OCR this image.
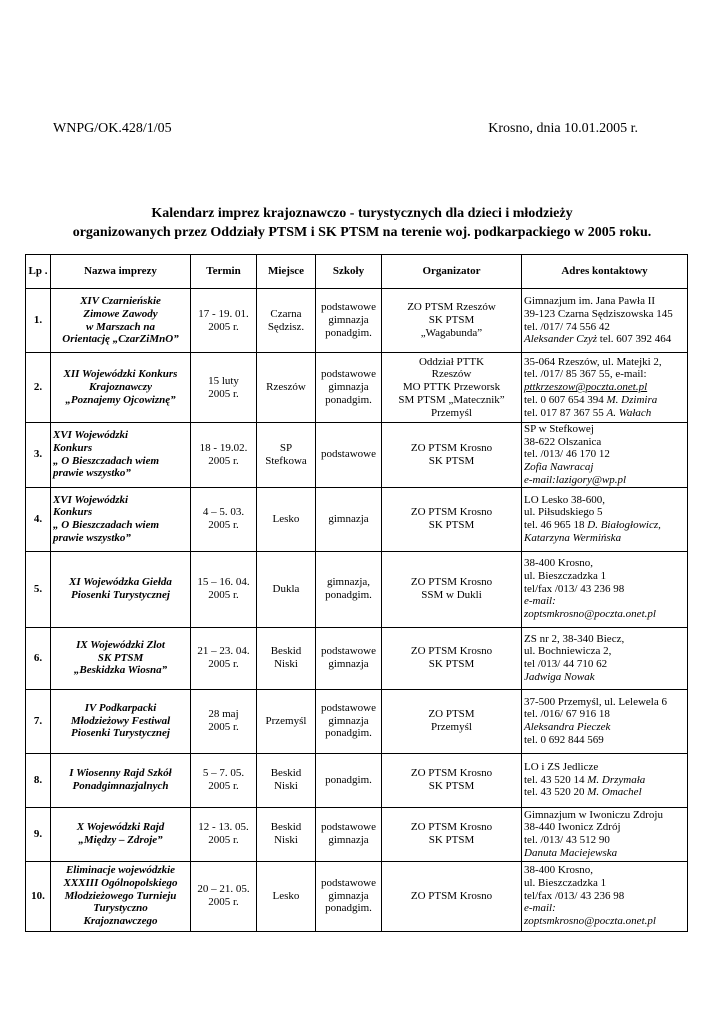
WNPG/OK.428/1/05	Krosno, dnia 10.01.2005 r.
Kalendarz imprez krajoznawczo - turystycznych dla dzieci i młodzieży
organizowanych przez Oddziały PTSM i SK PTSM na terenie woj. podkarpackiego w 2005 roku.
Lp .	Nazwa imprezy	Termin	Miejsce	Szkoły	Organizator	Adres kontaktowy
1.	XIV Czarnieńskie
Zimowe Zawody
w Marszach na
Orientację „CzarZiMnO”	17 - 19. 01.
2005 r.	Czarna
Sędzisz.	podstawowe
gimnazja
ponadgim.	ZO PTSM Rzeszów
SK PTSM
„Wagabunda”	Gimnazjum im. Jana Pawła II
39-123 Czarna Sędziszowska 145
tel. /017/ 74 556 42
Aleksander Czyż tel. 607 392 464

2.	XII Wojewódzki Konkurs
Krajoznawczy
„Poznajemy Ojcowiznę”	15 luty
2005 r.	Rzeszów	podstawowe
gimnazja
ponadgim.	Oddział PTTK
Rzeszów
MO PTTK Przeworsk
SM PTSM „Matecznik”
Przemyśl	35-064 Rzeszów, ul. Matejki 2,
tel. /017/ 85 367 55, e-mail:
pttkrzeszow@poczta.onet.pl
tel. 0 607 654 394 M. Dzimira
tel. 017 87 367 55 A. Wałach

3.	XVI Wojewódzki
Konkurs
„ O Bieszczadach wiem
prawie wszystko”	18 - 19.02.
2005 r.	SP
Stefkowa	podstawowe	ZO PTSM Krosno
SK PTSM	SP w Stefkowej
38-622 Olszanica
tel. /013/ 46 170 12
Zofia Nawracaj
e-mail:lazigory@wp.pl

4.	XVI Wojewódzki
Konkurs
„ O Bieszczadach wiem
prawie wszystko”	4 – 5. 03.
2005 r.	Lesko	gimnazja	ZO PTSM Krosno
SK PTSM	LO Lesko 38-600,
ul. Piłsudskiego 5
tel. 46 965 18 D. Białogłowicz,
Katarzyna Wermińska

5.	XI Wojewódzka Giełda
Piosenki Turystycznej	15 – 16. 04.
2005 r.	Dukla	gimnazja,
ponadgim.	ZO PTSM Krosno
SSM w Dukli	38-400 Krosno,
ul. Bieszczadzka 1
tel/fax /013/ 43 236 98
e-mail:
zoptsmkrosno@poczta.onet.pl

6.	IX Wojewódzki Zlot
SK PTSM
„Beskidzka Wiosna”	21 – 23. 04.
2005 r.	Beskid
Niski	podstawowe
gimnazja	ZO PTSM Krosno
SK PTSM	ZS nr 2, 38-340 Biecz,
ul. Bochniewicza 2,
tel /013/ 44 710 62
Jadwiga Nowak

7.	IV Podkarpacki
Młodzieżowy Festiwal
Piosenki Turystycznej	28 maj
2005 r.	Przemyśl	podstawowe
gimnazja
ponadgim.	ZO PTSM
Przemyśl	37-500 Przemyśl, ul. Lelewela 6
tel. /016/ 67 916 18
Aleksandra Pieczek
tel. 0 692 844 569

8.	I Wiosenny Rajd Szkół
Ponadgimnazjalnych	5 – 7. 05.
2005 r.	Beskid
Niski	ponadgim.	ZO PTSM Krosno
SK PTSM	LO i ZS Jedlicze
tel. 43 520 14 M. Drzymała
tel. 43 520 20 M. Omachel

9.	X Wojewódzki Rajd
„Między – Zdroje”	12 - 13. 05.
2005 r.	Beskid
Niski	podstawowe
gimnazja	ZO PTSM Krosno
SK PTSM	Gimnazjum w Iwoniczu Zdroju
38-440 Iwonicz Zdrój
tel. /013/ 43 512 90
Danuta Maciejewska

10.	Eliminacje wojewódzkie
XXXIII Ogólnopolskiego
Młodzieżowego Turnieju
Turystyczno
Krajoznawczego	20 – 21. 05.
2005 r.	Lesko	podstawowe
gimnazja
ponadgim.	ZO PTSM Krosno	38-400 Krosno,
ul. Bieszczadzka 1
tel/fax /013/ 43 236 98
e-mail:
zoptsmkrosno@poczta.onet.pl
